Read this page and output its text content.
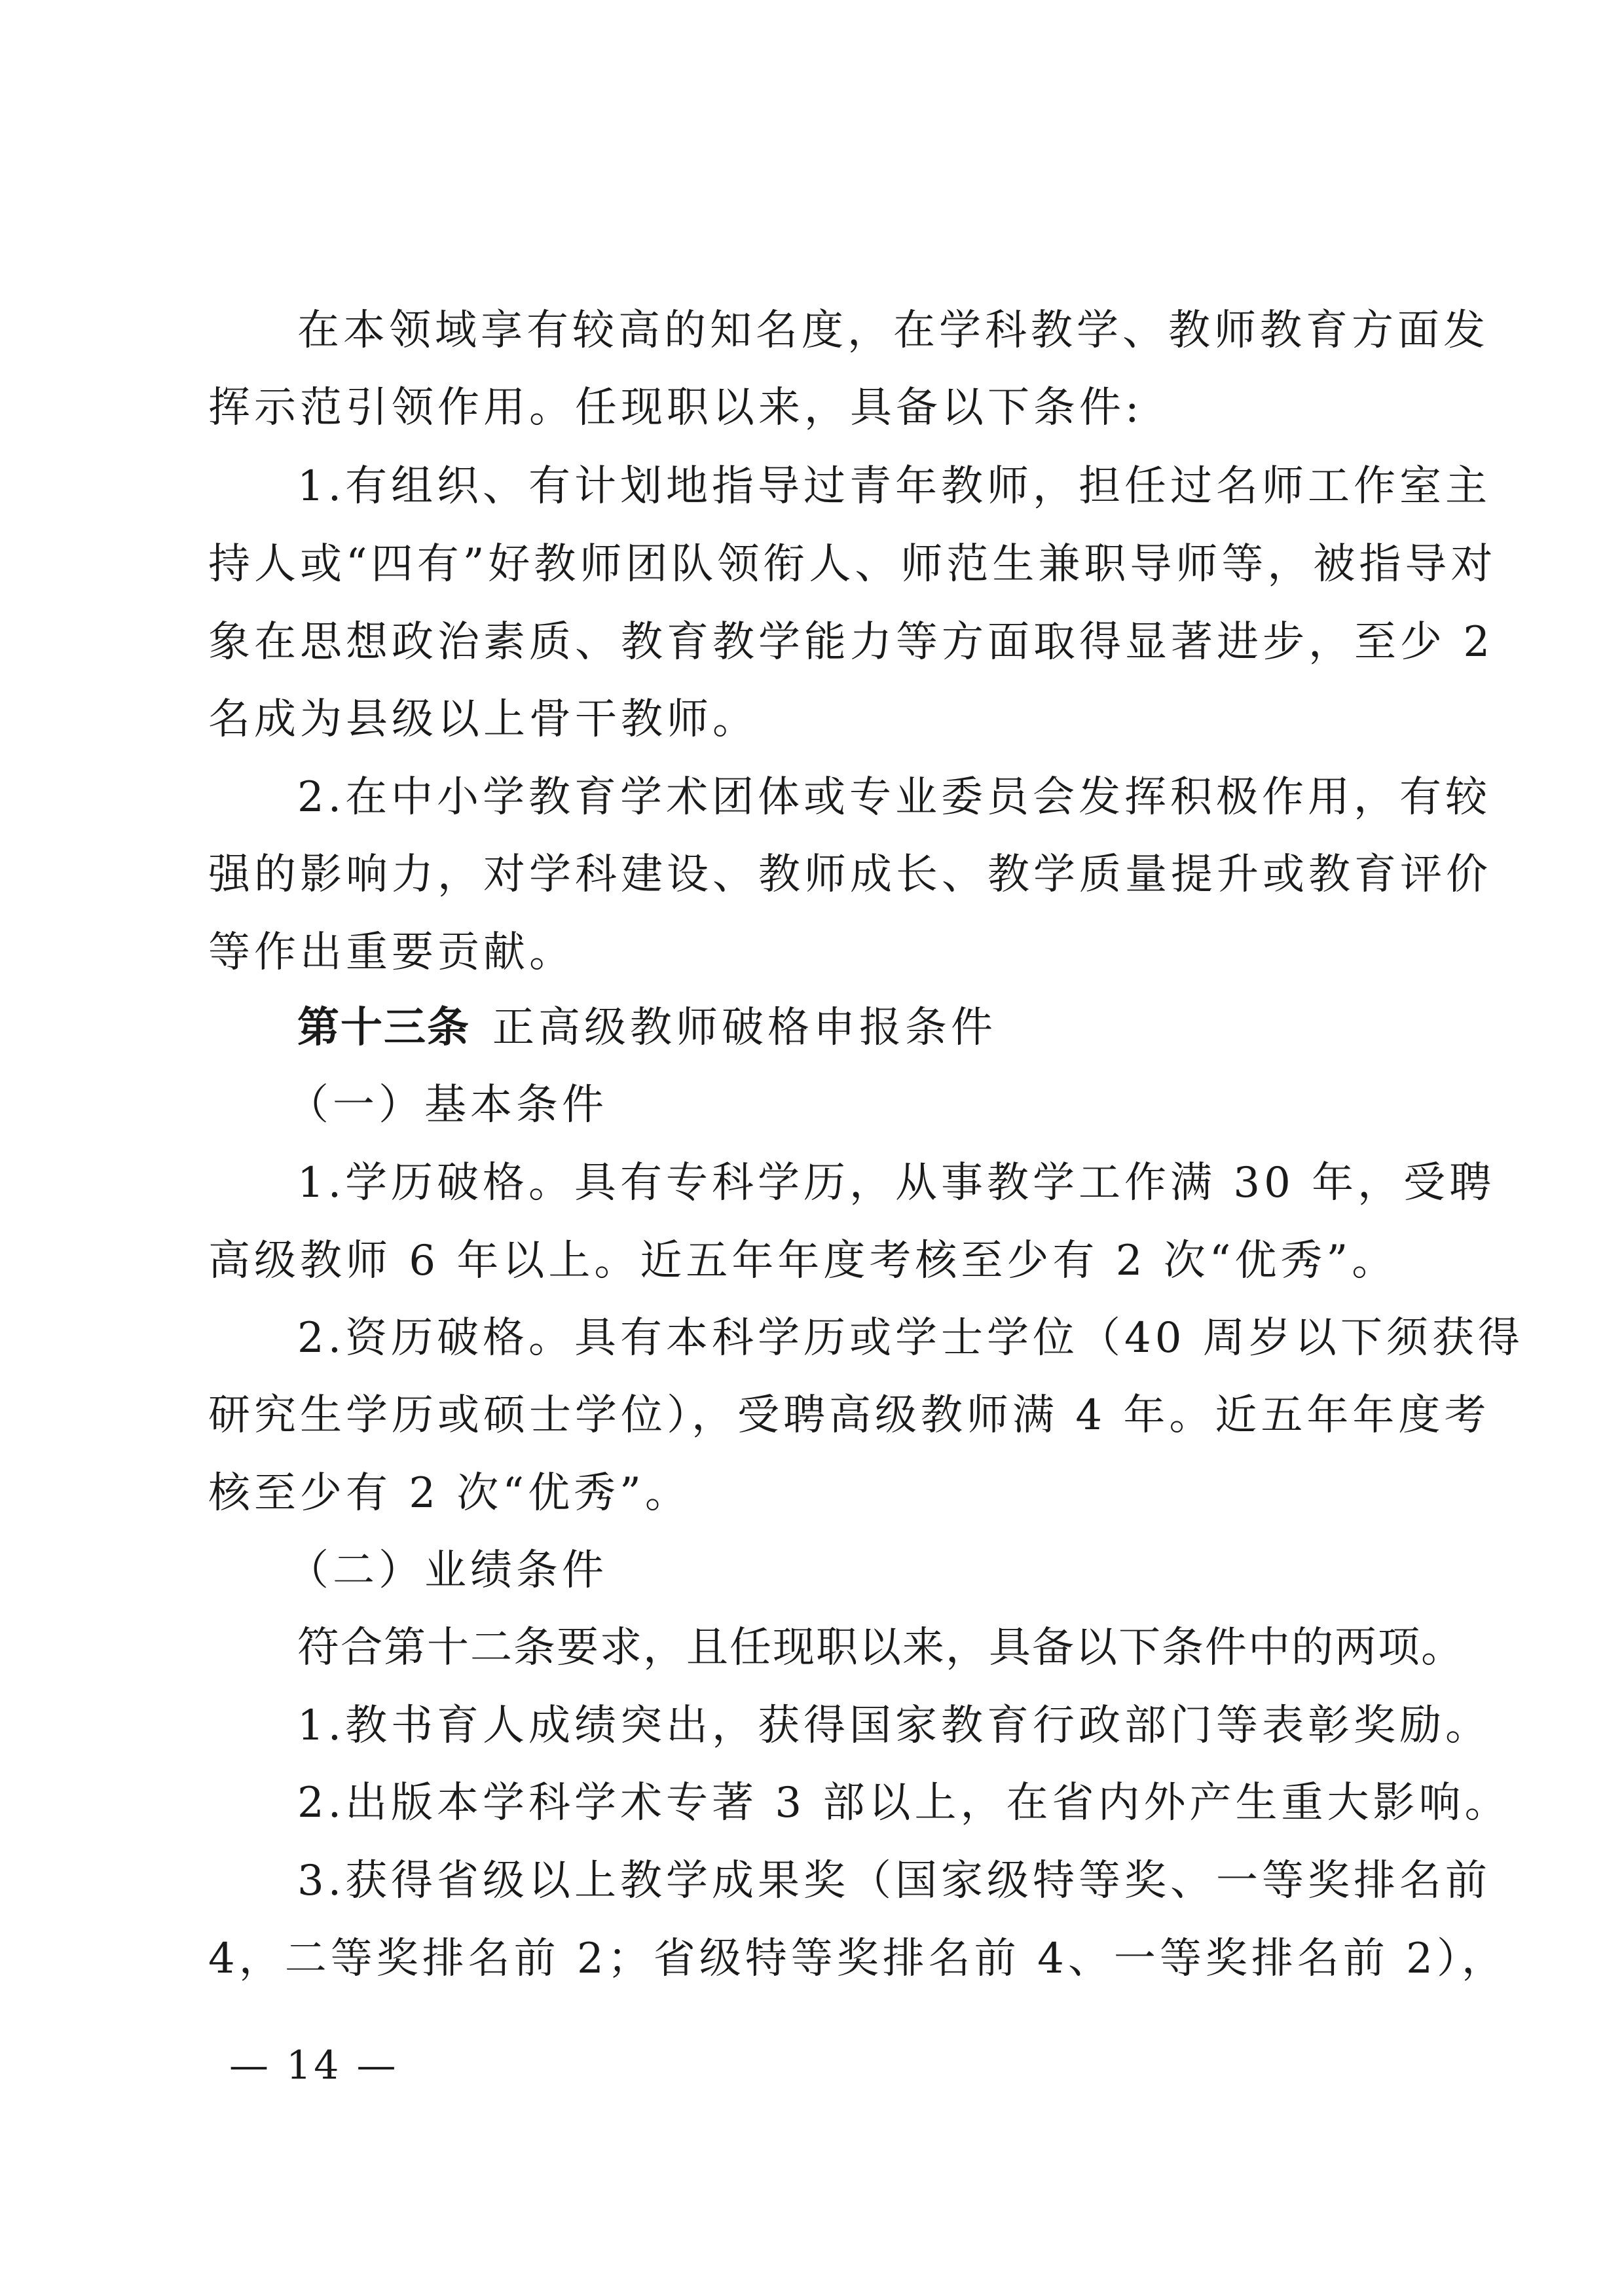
在本领域享有较高的知名度，在学科教学、教师教育方面发

挥示范引领作用。任现职以来，具备以下条件:

1.有组织、有计划地指导过青年教师，担任过名师工作室主

持人或“四有”好教师团队领衔人、师范生兼职导师等，被指导对

象在思想政治素质、教育教学能力等方面取得显著进步，至少 2

名成为县级以上骨干教师。

2.在中小学教育学术团体或专业委员会发挥积极作用，有较

强的影响力，对学科建设、教师成长、教学质量提升或教育评价

等作出重要贡献。

第十三条 正高级教师破格申报条件

（一）基本条件

1.学历破格。具有专科学历，从事教学工作满 30 年，受聘

高级教师 6 年以上。近五年年度考核至少有 2 次“优秀”。

2.资历破格。具有本科学历或学士学位（40 周岁以下须获得

研究生学历或硕士学位），受聘高级教师满 4 年。近五年年度考

核至少有 2 次“优秀”。

（二）业绩条件

符合第十二条要求，且任现职以来，具备以下条件中的两项。

1.教书育人成绩突出，获得国家教育行政部门等表彰奖励。

2.出版本学科学术专著 3 部以上，在省内外产生重大影响。

3.获得省级以上教学成果奖（国家级特等奖、一等奖排名前

4，二等奖排名前 2；省级特等奖排名前 4、一等奖排名前 2），

— 14 —
